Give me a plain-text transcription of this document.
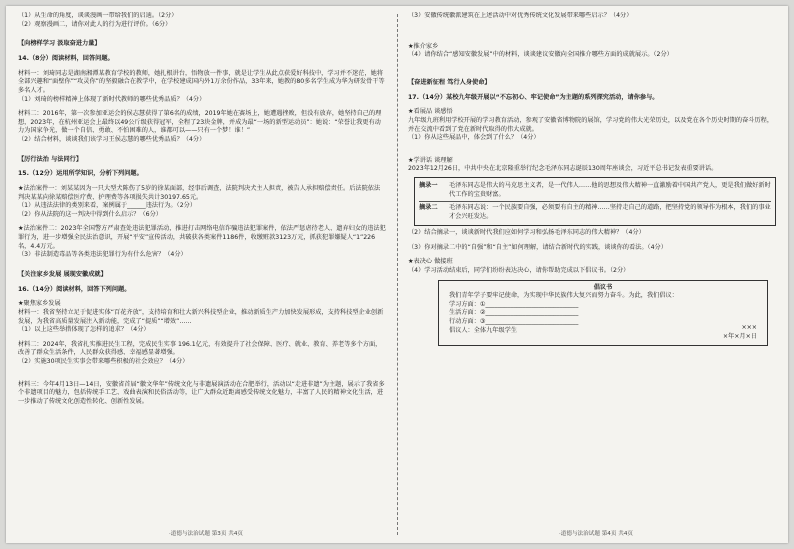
（1）从生命的角度，谈谈漫画一带给我们的启迪。（2分）

（2）观察漫画二，请你对此人的行为进行评价。（6分）

【向榜样学习 汲取奋进力量】

14.（8分）阅读材料，回答问题。

材料一：刘琦同志是湖南湘潭某教育学校的教师，她扎根讲台，悟物放一件事，就是让学生从此点获爱好科技中，学习并不迷茫，她将全部兴趣和“面壁你”“攻灵你”的坚毅融合在教学中，在学校建成国内外1万余份作品，33年来，她教的80多名学生成为华为研发骨干等多名人才。

（1）刘琦的榜样精神上体现了新时代教师的哪些优秀品质？（4分）

材料二：2016年，第一次参加亚运会的侯志慧获得了第6名的成绩，2019年她在赛场上，她遭遇挫败，但没有放弃，她坚持自己的理想，2023年，在杭州亚运会上最终以49公斤级获得冠军，全程了23块金牌，并成为最“一场的新型运动员”：她说：“荣誉让我更有动力为国家争光，做一个自信、勇敢、不怕困难的人，谁都可以——只有一个梦！谁！”

（2）结合材料，谈谈我们该学习王侯志慧的哪些优秀品质？（4分）

【厉行法治 与法同行】

15.（12分）运用所学知识，分析下列问题。

★法治案件一：刘某某因为一只大型犬陈伤了5岁的徐某面部，经事后调查，法院判决犬主人担责，被告人承担赔偿责任。后法院依法判决某某向徐某赔偿医疗费、护理费等各项损失共计30197.65元。

（1）从违法法律的类别来看，案例属于______违法行为。（2分）

（2）你从法院的这一判决中得到什么启示？（6分）

★法治案件二：2023年全国警方严肃查处违法犯罪活动，推进打击网络电信诈骗违法犯罪案件，依法严惩虐待老人、遗弃妇女的违法犯罪行为，进一步增强全民法治意识，开展“平安”宣传活动，共破获各类案件1186件，收缴赃款3123万元，抓获犯罪嫌疑人“1”226名，4.4万元。

（3）非法制造毒品等各类违法犯罪行为有什么危害？（4分）

【关注家乡发展 展现安徽成就】

16.（14分）阅读材料，回答下列问题。

★聚焦家乡发展

材料一：我省坚持立足于促进实体“百花齐放”，支持培育和壮大新兴科技型企业，推动新质生产力加快发展形成，支持科技型企业创新发展，为我省高质量发展注入新动能，完成了“提质”“增效”……

（1）以上这些举措体现了怎样的追求？（4分）

材料二：2024年，我省扎实推进民生工程，完成民生实事 196.1亿元，有效提升了社会保障、医疗、就业、教育、养老等多个方面，改善了群众生活条件，人民群众获得感、幸福感显著增强。

（2）实施30项民生实事会带来哪些积极的社会效应？（4分）

材料三：今年4月13日—14日，安徽省首届“徽文华年”传统文化与非遗展演活动在合肥举行，活动以“走进非遗”为主题，展示了我省多个非遗项目的魅力，包括传统手工艺、戏曲表演和民俗活动等，让广大群众近距离感受传统文化魅力，丰富了人民的精神文化生活，进一步推动了传统文化创造性转化、创新性发展。

（3）安徽传统徽派建筑在上述活动中对优秀传统文化发展带来哪些启示？（4分）

★推介家乡

（4）请你结合“感知安徽发展”中的材料，谈谈建议安徽向全国推介哪些方面的成就展示。（2分）

【奋进新征程 笃行人身使命】

17.（14分）某校九年级开展以“不忘初心、牢记使命”为主题的系列探究活动，请你参与。

★看展品 谈感悟

九年级九班利用学校开展的学习教育活动，参观了安徽省博物院的展馆，学习党的伟大光荣历史，以及党在各个历史时期的奋斗历程，并在交流中看到了党在新时代取得的伟大成就。

（1）你从这些展品中，体会到了什么？（4分）

★学讲话 谈理解

2023年12月26日，中共中央在北京隆重举行纪念毛泽东同志诞辰130周年座谈会，习近平总书记发表重要讲话。

摘录一	毛泽东同志是伟大的马克思主义者，是一代伟人……他的思想及伟大精神一直激励着中国共产党人，更是我们做好新时代工作的宝贵财富。
摘录二	毛泽东同志说：一个民族要自强，必须要有自主的精神……坚持走自己的道路，把坚持党的领导作为根本，我们的事业才会兴旺发达。

（2）结合摘录一，谈谈新时代我们应如何学习和弘扬毛泽东同志的伟大精神？（4分）

（3）你对摘录二中的“自强”和“自主”如何理解，请结合新时代的实践，谈谈你的看法。（4分）

★表决心 做接班

（4）学习活动结束后，同学们纷纷表达决心，请你帮助完成以下倡议书。（2分）

倡议书
我们青年学子要牢记使命，为实现中华民族伟大复兴而努力奋斗。为此，我们倡议：
学习方面：①______________________________
生活方面：②______________________________
行动方面：③______________________________
倡议人：全体九年级学生	×××
×年×月×日
·道德与法治试题 第3页 共4页	·道德与法治试题 第4页 共4页
